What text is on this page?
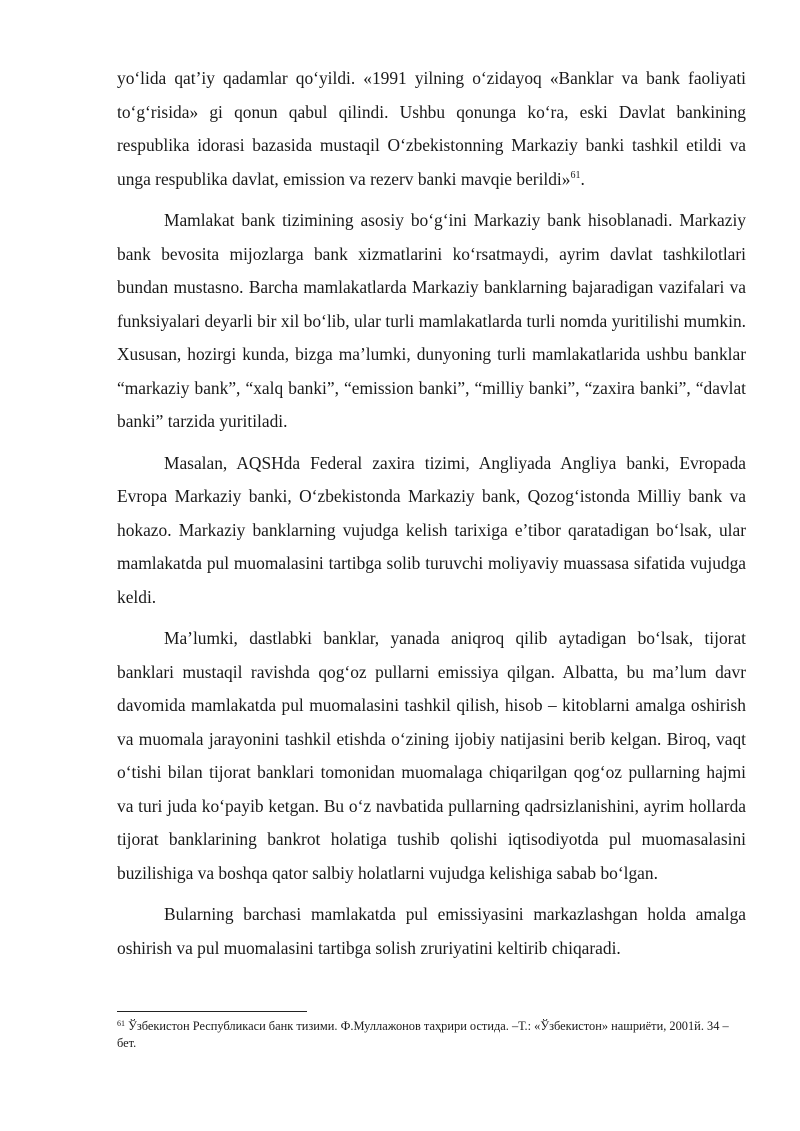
yo‘lida qat’iy qadamlar qo‘yildi. «1991 yilning o‘zidayoq «Banklar va bank faoliyati to‘g‘risida» gi qonun qabul qilindi. Ushbu qonunga ko‘ra, eski Davlat bankining respublika idorasi bazasida mustaqil O‘zbekistonning Markaziy banki tashkil etildi va unga respublika davlat, emission va rezerv banki mavqie berildi»$^{61}$.

Mamlakat bank tizimining asosiy bo‘g‘ini Markaziy bank hisoblanadi. Markaziy bank bevosita mijozlarga bank xizmatlarini ko‘rsatmaydi, ayrim davlat tashkilotlari bundan mustasno. Barcha mamlakatlarda Markaziy banklarning bajaradigan vazifalari va funksiyalari deyarli bir xil bo‘lib, ular turli mamlakatlarda turli nomda yuritilishi mumkin. Xususan, hozirgi kunda, bizga ma’lumki, dunyoning turli mamlakatlarida ushbu banklar “markaziy bank”, “xalq banki”, “emission banki”, “milliy banki”, “zaxira banki”, “davlat banki” tarzida yuritiladi.

Masalan, AQSHda Federal zaxira tizimi, Angliyada Angliya banki, Evropada Evropa Markaziy banki, O‘zbekistonda Markaziy bank, Qozog‘istonda Milliy bank va hokazo. Markaziy banklarning vujudga kelish tarixiga e’tibor qaratadigan bo‘lsak, ular mamlakatda pul muomalasini tartibga solib turuvchi moliyaviy muassasa sifatida vujudga keldi.

Ma’lumki, dastlabki banklar, yanada aniqroq qilib aytadigan bo‘lsak, tijorat banklari mustaqil ravishda qog‘oz pullarni emissiya qilgan. Albatta, bu ma’lum davr davomida mamlakatda pul muomalasini tashkil qilish, hisob – kitoblarni amalga oshirish va muomala jarayonini tashkil etishda o‘zining ijobiy natijasini berib kelgan. Biroq, vaqt o‘tishi bilan tijorat banklari tomonidan muomalaga chiqarilgan qog‘oz pullarning hajmi va turi juda ko‘payib ketgan. Bu o‘z navbatida pullarning qadrsizlanishini, ayrim hollarda tijorat banklarining bankrot holatiga tushib qolishi iqtisodiyotda pul muomasalasini buzilishiga va boshqa qator salbiy holatlarni vujudga kelishiga sabab bo‘lgan.

Bularning barchasi mamlakatda pul emissiyasini markazlashgan holda amalga oshirish va pul muomalasini tartibga solish zruriyatini keltirib chiqaradi.

$^{61}$ Ўзбекистон Республикаси банк тизими. Ф.Муллажонов таҳрири остида. –Т.: «Ўзбекистон» нашриёти, 2001й. 34 – бет.
